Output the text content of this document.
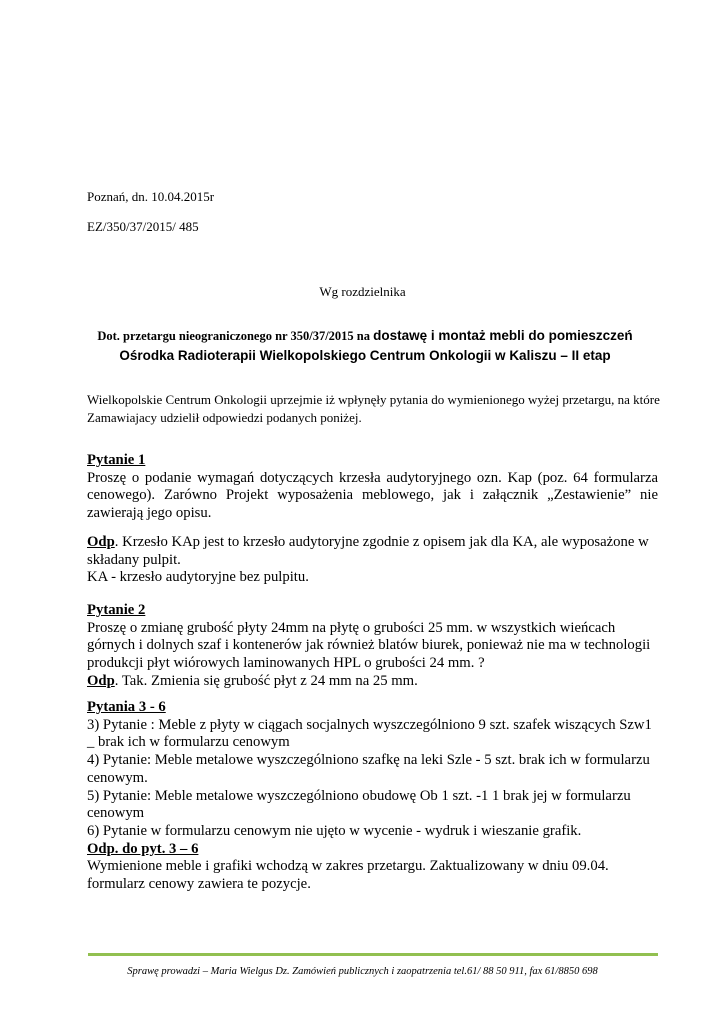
Poznań, dn. 10.04.2015r

EZ/350/37/2015/ 485

Wg rozdzielnika

Dot. przetargu nieograniczonego nr 350/37/2015 na dostawę i montaż mebli do pomieszczeń
Ośrodka Radioterapii Wielkopolskiego Centrum Onkologii w Kaliszu – II etap

Wielkopolskie Centrum Onkologii uprzejmie iż wpłynęły pytania do wymienionego wyżej przetargu, na które Zamawiajacy udzielił odpowiedzi podanych poniżej.

Pytanie 1

Proszę o podanie wymagań dotyczących krzesła audytoryjnego ozn. Kap (poz. 64 formularza cenowego). Zarówno Projekt wyposażenia meblowego, jak i załącznik „Zestawienie” nie zawierają jego opisu.

Odp. Krzesło KAp jest to krzesło audytoryjne zgodnie z opisem jak dla KA, ale wyposażone w składany pulpit.

KA - krzesło audytoryjne bez pulpitu.

Pytanie 2

Proszę o zmianę grubość płyty 24mm na płytę o grubości 25 mm. w wszystkich wieńcach górnych i dolnych szaf i kontenerów jak również blatów biurek, ponieważ nie ma w technologii produkcji płyt wiórowych laminowanych HPL o grubości 24 mm. ?

Odp. Tak. Zmienia się grubość płyt z 24 mm na 25 mm.

Pytania 3 - 6

3) Pytanie : Meble z płyty w ciągach socjalnych wyszczególniono 9 szt. szafek wiszących Szw1 _ brak ich w formularzu cenowym

4) Pytanie: Meble metalowe wyszczególniono szafkę na leki Szle - 5 szt. brak ich w formularzu cenowym.

5) Pytanie: Meble metalowe wyszczególniono obudowę Ob 1 szt. -1 1 brak jej w formularzu cenowym

6) Pytanie w formularzu cenowym nie ujęto w wycenie - wydruk i wieszanie grafik.

Odp. do pyt. 3 – 6

Wymienione meble i grafiki wchodzą w zakres przetargu. Zaktualizowany w dniu 09.04. formularz cenowy zawiera te pozycje.

Sprawę prowadzi – Maria Wielgus Dz. Zamówień publicznych i zaopatrzenia tel.61/ 88 50 911, fax 61/8850 698
